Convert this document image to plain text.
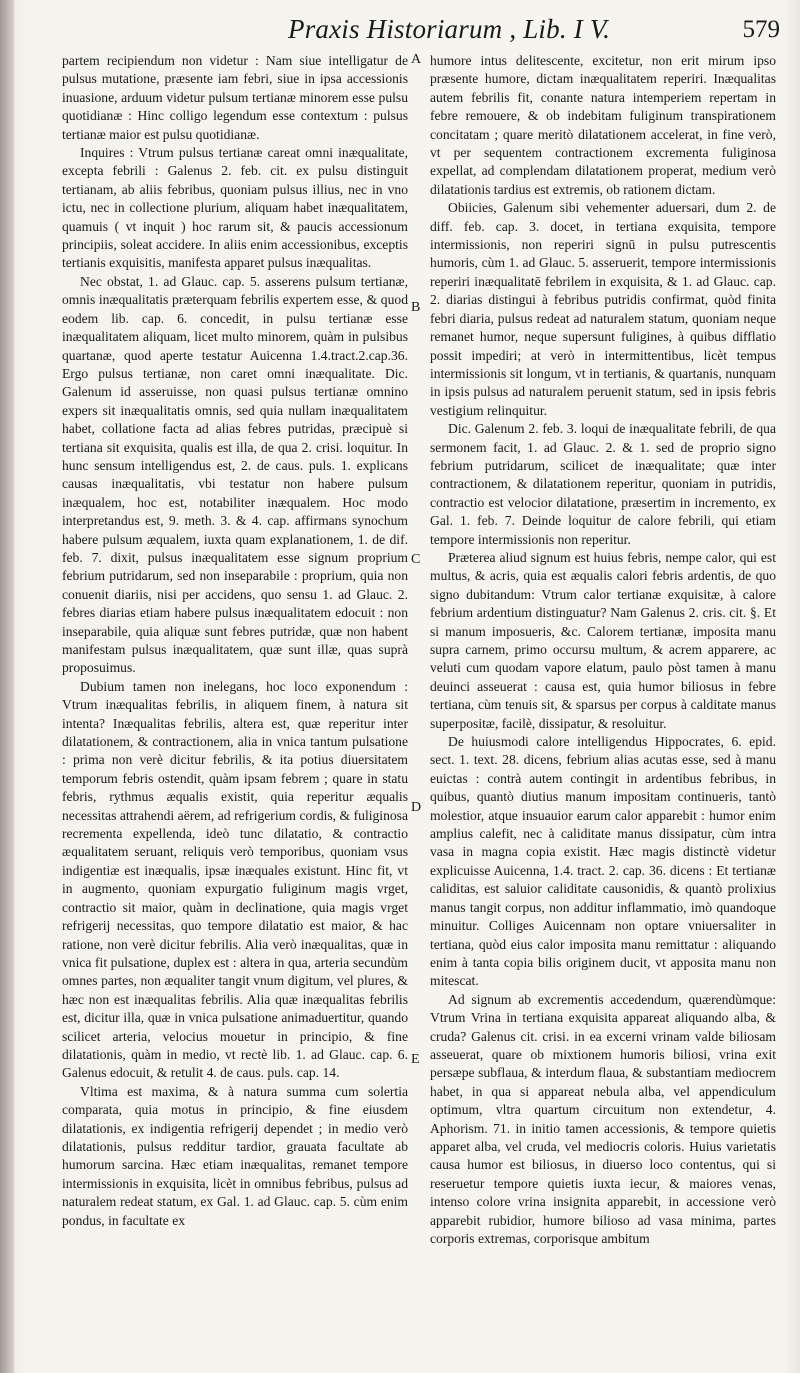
Praxis Historiarum , Lib. I V.	579

partem recipiendum non videtur : Nam siue intelligatur de pulsus mutatione, præsente iam febri, siue in ipsa accessionis inuasione, arduum videtur pulsum tertianæ minorem esse pulsu quotidianæ : Hinc colligo legendum esse contextum : pulsus tertianæ maior est pulsu quotidianæ.

Inquires : Vtrum pulsus tertianæ careat omni inæqualitate, excepta febrili : Galenus 2. feb. cit. ex pulsu distinguit tertianam, ab aliis febribus, quoniam pulsus illius, nec in vno ictu, nec in collectione plurium, aliquam habet inæqualitatem, quamuis ( vt inquit ) hoc rarum sit, & paucis accessionum principiis, soleat accidere. In aliis enim accessionibus, exceptis tertianis exquisitis, manifesta apparet pulsus inæqualitas.

Nec obstat, 1. ad Glauc. cap. 5. asserens pulsum tertianæ, omnis inæqualitatis præterquam febrilis expertem esse, & quod eodem lib. cap. 6. concedit, in pulsu tertianæ esse inæqualitatem aliquam, licet multo minorem, quàm in pulsibus quartanæ, quod aperte testatur Auicenna 1.4.tract.2.cap.36. Ergo pulsus tertianæ, non caret omni inæqualitate. Dic. Galenum id asseruisse, non quasi pulsus tertianæ omnino expers sit inæqualitatis omnis, sed quia nullam inæqualitatem habet, collatione facta ad alias febres putridas, præcipuè si tertiana sit exquisita, qualis est illa, de qua 2. crisi. loquitur. In hunc sensum intelligendus est, 2. de caus. puls. 1. explicans causas inæqualitatis, vbi testatur non habere pulsum inæqualem, hoc est, notabiliter inæqualem. Hoc modo interpretandus est, 9. meth. 3. & 4. cap. affirmans synochum habere pulsum æqualem, iuxta quam explanationem, 1. de dif. feb. 7. dixit, pulsus inæqualitatem esse signum proprium febrium putridarum, sed non inseparabile : proprium, quia non conuenit diariis, nisi per accidens, quo sensu 1. ad Glauc. 2. febres diarias etiam habere pulsus inæqualitatem edocuit : non inseparabile, quia aliquæ sunt febres putridæ, quæ non habent manifestam pulsus inæqualitatem, quæ sunt illæ, quas suprà proposuimus.

Dubium tamen non inelegans, hoc loco exponendum : Vtrum inæqualitas febrilis, in aliquem finem, à natura sit intenta? Inæqualitas febrilis, altera est, quæ reperitur inter dilatationem, & contractionem, alia in vnica tantum pulsatione : prima non verè dicitur febrilis, & ita potius diuersitatem temporum febris ostendit, quàm ipsam febrem ; quare in statu febris, rythmus æqualis existit, quia reperitur æqualis necessitas attrahendi aërem, ad refrigerium cordis, & fuliginosa recrementa expellenda, ideò tunc dilatatio, & contractio æqualitatem seruant, reliquis verò temporibus, quoniam vsus indigentiæ est inæqualis, ipsæ inæquales existunt. Hinc fit, vt in augmento, quoniam expurgatio fuliginum magis vrget, contractio sit maior, quàm in declinatione, quia magis vrget refrigerij necessitas, quo tempore dilatatio est maior, & hac ratione, non verè dicitur febrilis. Alia verò inæqualitas, quæ in vnica fit pulsatione, duplex est : altera in qua, arteria secundùm omnes partes, non æqualiter tangit vnum digitum, vel plures, & hæc non est inæqualitas febrilis. Alia quæ inæqualitas febrilis est, dicitur illa, quæ in vnica pulsatione animaduertitur, quando scilicet arteria, velocius mouetur in principio, & fine dilatationis, quàm in medio, vt rectè lib. 1. ad Glauc. cap. 6. Galenus edocuit, & retulit 4. de caus. puls. cap. 14.

Vltima est maxima, & à natura summa cum solertia comparata, quia motus in principio, & fine eiusdem dilatationis, ex indigentia refrigerij dependet ; in medio verò dilatationis, pulsus redditur tardior, grauata facultate ab humorum sarcina. Hæc etiam inæqualitas, remanet tempore intermissionis in exquisita, licèt in omnibus febribus, pulsus ad naturalem redeat statum, ex Gal. 1. ad Glauc. cap. 5. cùm enim pondus, in facultate ex

A
B
C
D
E

humore intus delitescente, excitetur, non erit mirum ipso præsente humore, dictam inæqualitatem reperiri. Inæqualitas autem febrilis fit, conante natura intemperiem repertam in febre remouere, & ob indebitam fuliginum transpirationem concitatam ; quare meritò dilatationem accelerat, in fine verò, vt per sequentem contractionem excrementa fuliginosa expellat, ad complendam dilatationem properat, medium verò dilatationis tardius est extremis, ob rationem dictam.

Obiicies, Galenum sibi vehementer aduersari, dum 2. de diff. feb. cap. 3. docet, in tertiana exquisita, tempore intermissionis, non reperiri signū in pulsu putrescentis humoris, cùm 1. ad Glauc. 5. asseruerit, tempore intermissionis reperiri inæqualitatē febrilem in exquisita, & 1. ad Glauc. cap. 2. diarias distingui à febribus putridis confirmat, quòd finita febri diaria, pulsus redeat ad naturalem statum, quoniam neque remanet humor, neque supersunt fuligines, à quibus difflatio possit impediri; at verò in intermittentibus, licèt tempus intermissionis sit longum, vt in tertianis, & quartanis, nunquam in ipsis pulsus ad naturalem peruenit statum, sed in ipsis febris vestigium relinquitur.

Dic. Galenum 2. feb. 3. loqui de inæqualitate febrili, de qua sermonem facit, 1. ad Glauc. 2. & 1. sed de proprio signo febrium putridarum, scilicet de inæqualitate; quæ inter contractionem, & dilatationem reperitur, quoniam in putridis, contractio est velocior dilatatione, præsertim in incremento, ex Gal. 1. feb. 7. Deinde loquitur de calore febrili, qui etiam tempore intermissionis non reperitur.

Præterea aliud signum est huius febris, nempe calor, qui est multus, & acris, quia est æqualis calori febris ardentis, de quo signo dubitandum: Vtrum calor tertianæ exquisitæ, à calore febrium ardentium distinguatur? Nam Galenus 2. cris. cit. §. Et si manum imposueris, &c. Calorem tertianæ, imposita manu supra carnem, primo occursu multum, & acrem apparere, ac veluti cum quodam vapore elatum, paulo pòst tamen à manu deuinci asseuerat : causa est, quia humor biliosus in febre tertiana, cùm tenuis sit, & sparsus per corpus à calditate manus superpositæ, facilè, dissipatur, & resoluitur.

De huiusmodi calore intelligendus Hippocrates, 6. epid. sect. 1. text. 28. dicens, febrium alias acutas esse, sed à manu euictas : contrà autem contingit in ardentibus febribus, in quibus, quantò diutius manum impositam continueris, tantò molestior, atque insuauior earum calor apparebit : humor enim amplius calefit, nec à caliditate manus dissipatur, cùm intra vasa in magna copia existit. Hæc magis distinctè videtur explicuisse Auicenna, 1.4. tract. 2. cap. 36. dicens : Et tertianæ caliditas, est saluior caliditate causonidis, & quantò prolixius manus tangit corpus, non additur inflammatio, imò quandoque minuitur. Colliges Auicennam non optare vniuersaliter in tertiana, quòd eius calor imposita manu remittatur : aliquando enim à tanta copia bilis originem ducit, vt apposita manu non mitescat.

Ad signum ab excrementis accedendum, quærendùmque: Vtrum Vrina in tertiana exquisita appareat aliquando alba, & cruda? Galenus cit. crisi. in ea excerni vrinam valde biliosam asseuerat, quare ob mixtionem humoris biliosi, vrina exit persæpe subflaua, & interdum flaua, & substantiam mediocrem habet, in qua si appareat nebula alba, vel appendiculum optimum, vltra quartum circuitum non extendetur, 4. Aphorism. 71. in initio tamen accessionis, & tempore quietis apparet alba, vel cruda, vel mediocris coloris. Huius varietatis causa humor est biliosus, in diuerso loco contentus, qui si reseruetur tempore quietis iuxta iecur, & maiores venas, intenso colore vrina insignita apparebit, in accessione verò apparebit rubidior, humore bilioso ad vasa minima, partes corporis extremas, corporisque ambitum
